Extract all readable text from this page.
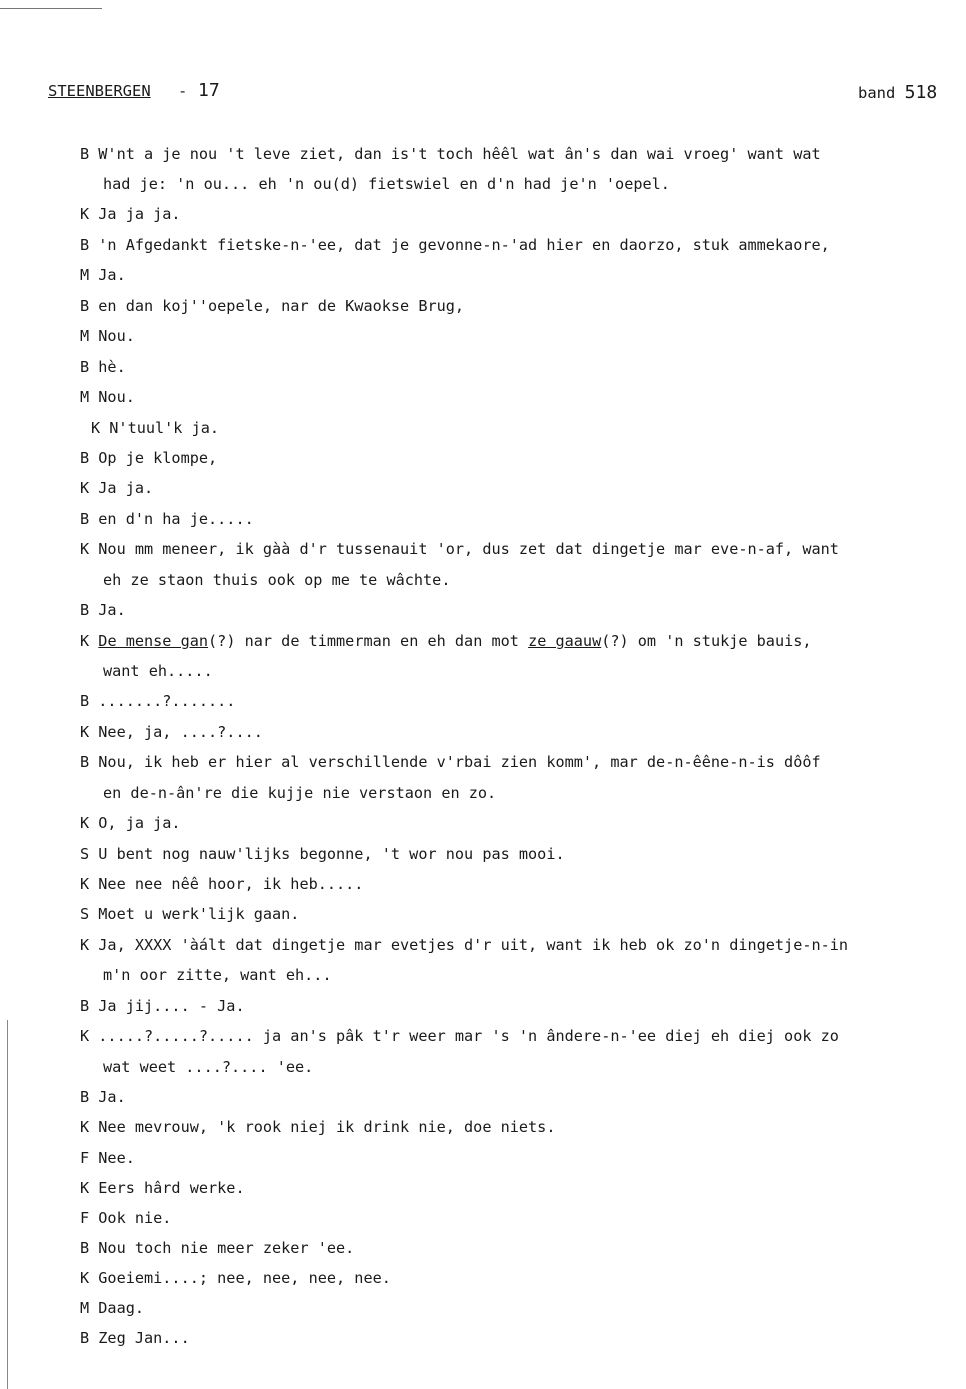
STEENBERGEN - 17	band 518
B W'nt a je nou 't leve ziet, dan is't toch hêêl wat ân's dan wai vroeg' want wat
had je: 'n ou... eh 'n ou(d) fietswiel en d'n had je'n 'oepel.
K Ja ja ja.
B 'n Afgedankt fietske-n-'ee, dat je gevonne-n-'ad hier en daorzo, stuk ammekaore,
M Ja.
B en dan koj''oepele, nar de Kwaokse Brug,
M Nou.
B hè.
M Nou.
K N'tuul'k ja.
B Op je klompe,
K Ja ja.
B en d'n ha je.....
K Nou mm meneer, ik gàà d'r tussenauit 'or, dus zet dat dingetje mar eve-n-af, want
eh ze staon thuis ook op me te wâchte.
B Ja.
K De mense gan(?) nar de timmerman en eh dan mot ze gaauw(?) om 'n stukje bauis,
want eh.....
B .......?.......
K Nee, ja, ....?....
B Nou, ik heb er hier al verschillende v'rbai zien komm', mar de-n-êêne-n-is dôôf
en de-n-ân're die kujje nie verstaon en zo.
K O, ja ja.
S U bent nog nauw'lijks begonne, 't wor nou pas mooi.
K Nee nee nêê hoor, ik heb.....
S Moet u werk'lijk gaan.
K Ja, XXXX 'àált dat dingetje mar evetjes d'r uit, want ik heb ok zo'n dingetje-n-in
m'n oor zitte, want eh...
B Ja jij.... - Ja.
K .....?.....?..... ja an's pâk t'r weer mar 's 'n ândere-n-'ee diej eh diej ook zo
wat weet ....?.... 'ee.
B Ja.
K Nee mevrouw, 'k rook niej ik drink nie, doe niets.
F Nee.
K Eers hârd werke.
F Ook nie.
B Nou toch nie meer zeker 'ee.
K Goeiemi....; nee, nee, nee, nee.
M Daag.
B Zeg Jan...
